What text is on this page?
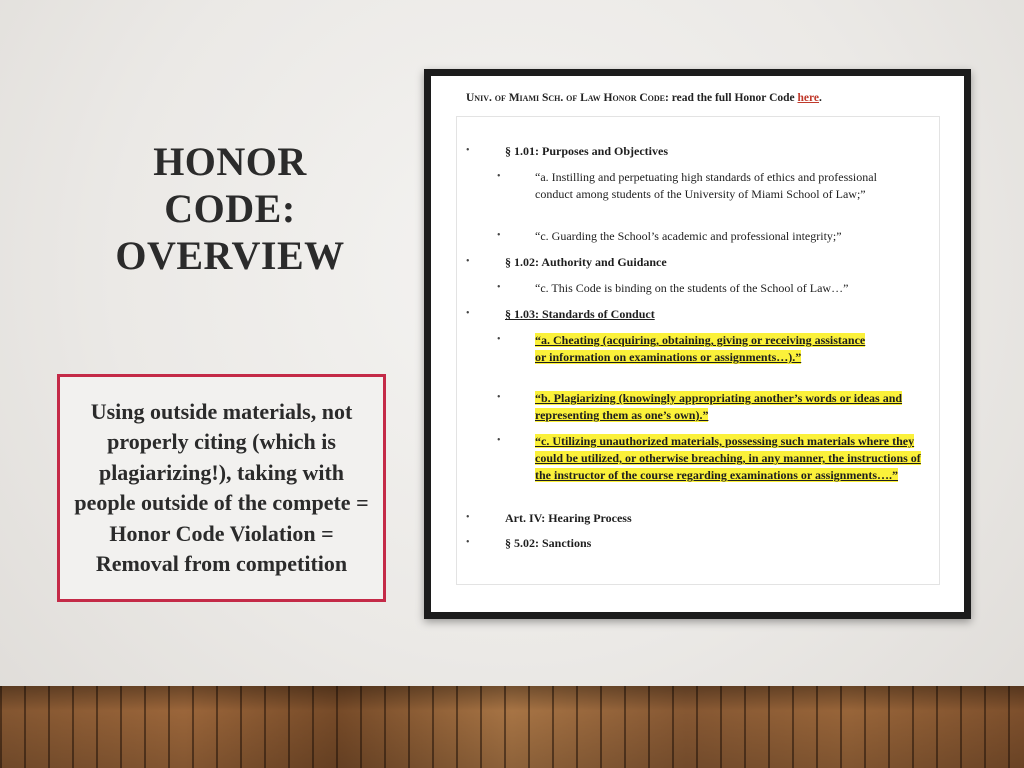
HONOR
CODE:
OVERVIEW
Using outside materials, not properly citing (which is plagiarizing!), taking with people outside of the compete = Honor Code Violation = Removal from competition
Univ. of Miami Sch. of Law Honor Code: read the full Honor Code here.
•	§ 1.01: Purposes and Objectives
•	“a. Instilling and perpetuating high standards of ethics and professional conduct among students of the University of Miami School of Law;”
•	“c. Guarding the School’s academic and professional integrity;”
•	§ 1.02: Authority and Guidance
•	“c. This Code is binding on the students of the School of Law…”
•	§ 1.03: Standards of Conduct
•	“a. Cheating (acquiring, obtaining, giving or receiving assistance or information on examinations or assignments…).”
•	“b. Plagiarizing (knowingly appropriating another’s words or ideas and representing them as one’s own).”
•	“c. Utilizing unauthorized materials, possessing such materials where they could be utilized, or otherwise breaching, in any manner, the instructions of the instructor of the course regarding examinations or assignments….”
•	Art. IV: Hearing Process
•	§ 5.02: Sanctions
